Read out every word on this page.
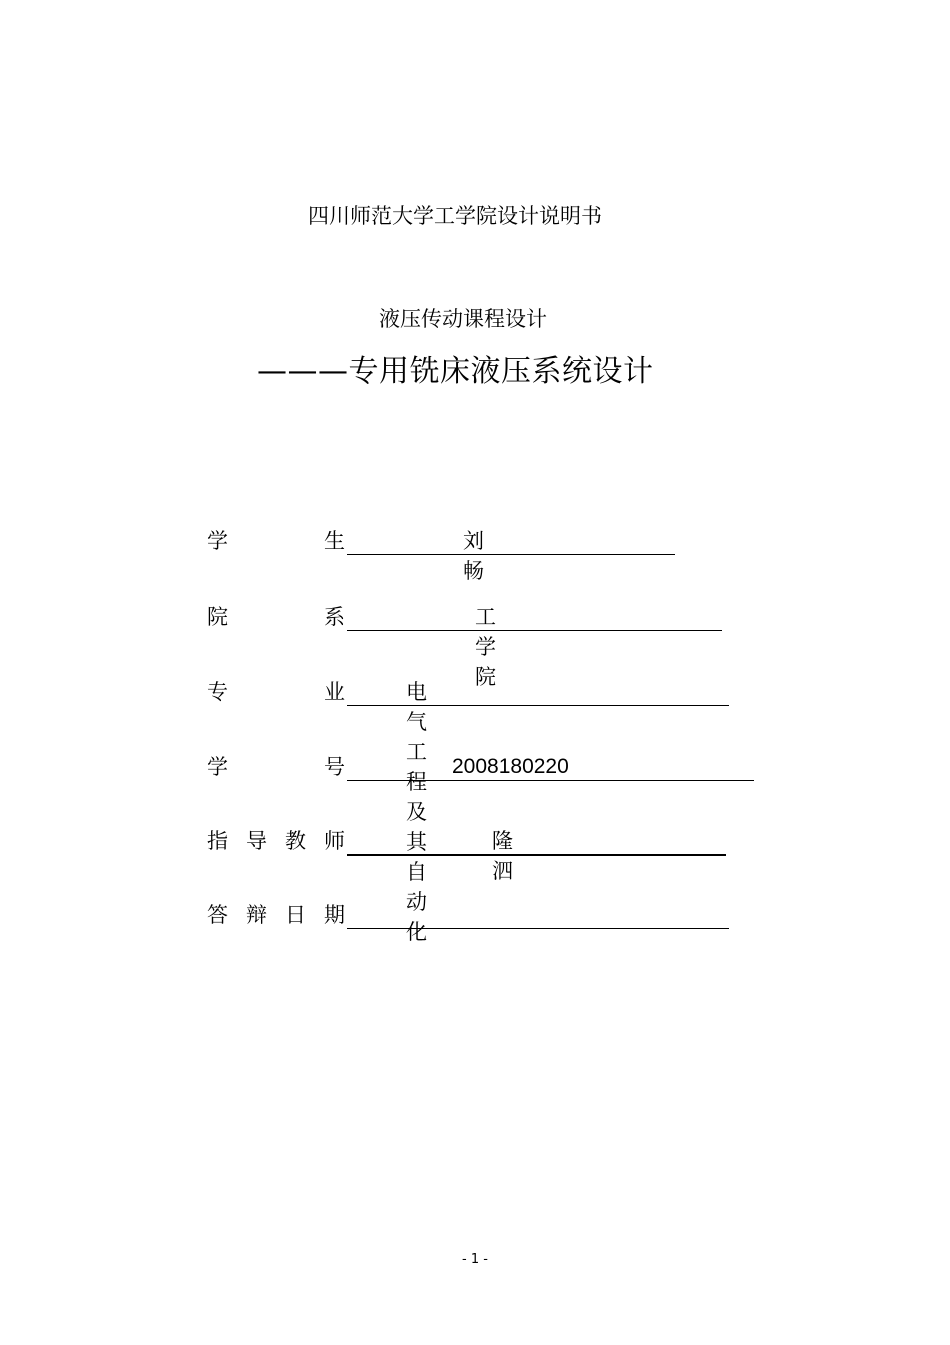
四川师范大学工学院设计说明书
液压传动课程设计
———专用铣床液压系统设计
学	生	刘畅
院	系	工学院
专	业	电气工程及其自动化
学	号	2008180220
指 导 教 师	隆泗
答 辩 日 期
- 1 -
